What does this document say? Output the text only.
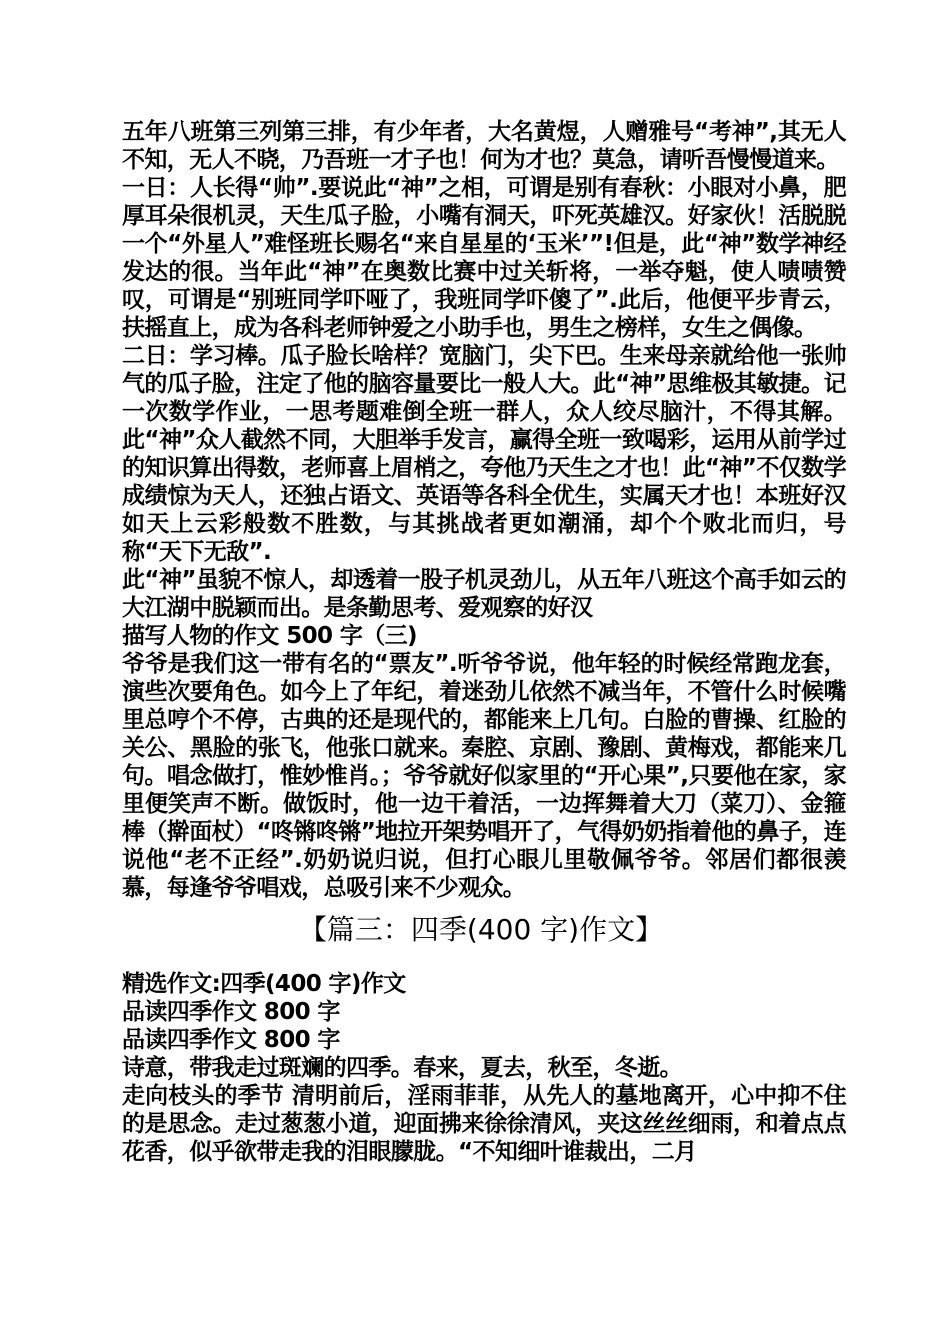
五年八班第三列第三排，有少年者，大名黄煜，人赠雅号“考神”,其无人不知，无人不晓，乃吾班一才子也！何为才也？莫急，请听吾慢慢道来。

一日：人长得“帅”.要说此“神”之相，可谓是别有春秋：小眼对小鼻，肥厚耳朵很机灵，天生瓜子脸，小嘴有洞天，吓死英雄汉。好家伙！活脱脱一个“外星人”难怪班长赐名“来自星星的‘玉米’”!但是，此“神”数学神经发达的很。当年此“神”在奥数比赛中过关斩将，一举夺魁，使人啧啧赞叹，可谓是“别班同学吓哑了，我班同学吓傻了”.此后，他便平步青云，扶摇直上，成为各科老师钟爱之小助手也，男生之榜样，女生之偶像。

二日：学习棒。瓜子脸长啥样？宽脑门，尖下巴。生来母亲就给他一张帅气的瓜子脸，注定了他的脑容量要比一般人大。此“神”思维极其敏捷。记一次数学作业，一思考题难倒全班一群人，众人绞尽脑汁，不得其解。此“神”众人截然不同，大胆举手发言，赢得全班一致喝彩，运用从前学过的知识算出得数，老师喜上眉梢之，夸他乃天生之才也！此“神”不仅数学成绩惊为天人，还独占语文、英语等各科全优生，实属天才也！本班好汉如天上云彩般数不胜数，与其挑战者更如潮涌，却个个败北而归，号称“天下无敌”.

此“神”虽貌不惊人，却透着一股子机灵劲儿，从五年八班这个高手如云的大江湖中脱颖而出。是条勤思考、爱观察的好汉

描写人物的作文 500 字（三)

爷爷是我们这一带有名的“票友”.听爷爷说，他年轻的时候经常跑龙套，演些次要角色。如今上了年纪，着迷劲儿依然不减当年，不管什么时候嘴里总哼个不停，古典的还是现代的，都能来上几句。白脸的曹操、红脸的关公、黑脸的张飞，他张口就来。秦腔、京剧、豫剧、黄梅戏，都能来几句。唱念做打，惟妙惟肖。；爷爷就好似家里的“开心果”,只要他在家，家里便笑声不断。做饭时，他一边干着活，一边挥舞着大刀（菜刀）、金箍棒（擀面杖）“咚锵咚锵”地拉开架势唱开了，气得奶奶指着他的鼻子，连说他“老不正经”.奶奶说归说，但打心眼儿里敬佩爷爷。邻居们都很羡慕，每逢爷爷唱戏，总吸引来不少观众。

【篇三：四季(400 字)作文】

精选作文:四季(400 字)作文

品读四季作文 800 字

品读四季作文 800 字

诗意，带我走过斑斓的四季。春来，夏去，秋至，冬逝。

走向枝头的季节 清明前后，淫雨菲菲，从先人的墓地离开，心中抑不住的是思念。走过葱葱小道，迎面拂来徐徐清风，夹这丝丝细雨，和着点点花香，似乎欲带走我的泪眼朦胧。“不知细叶谁裁出，二月
